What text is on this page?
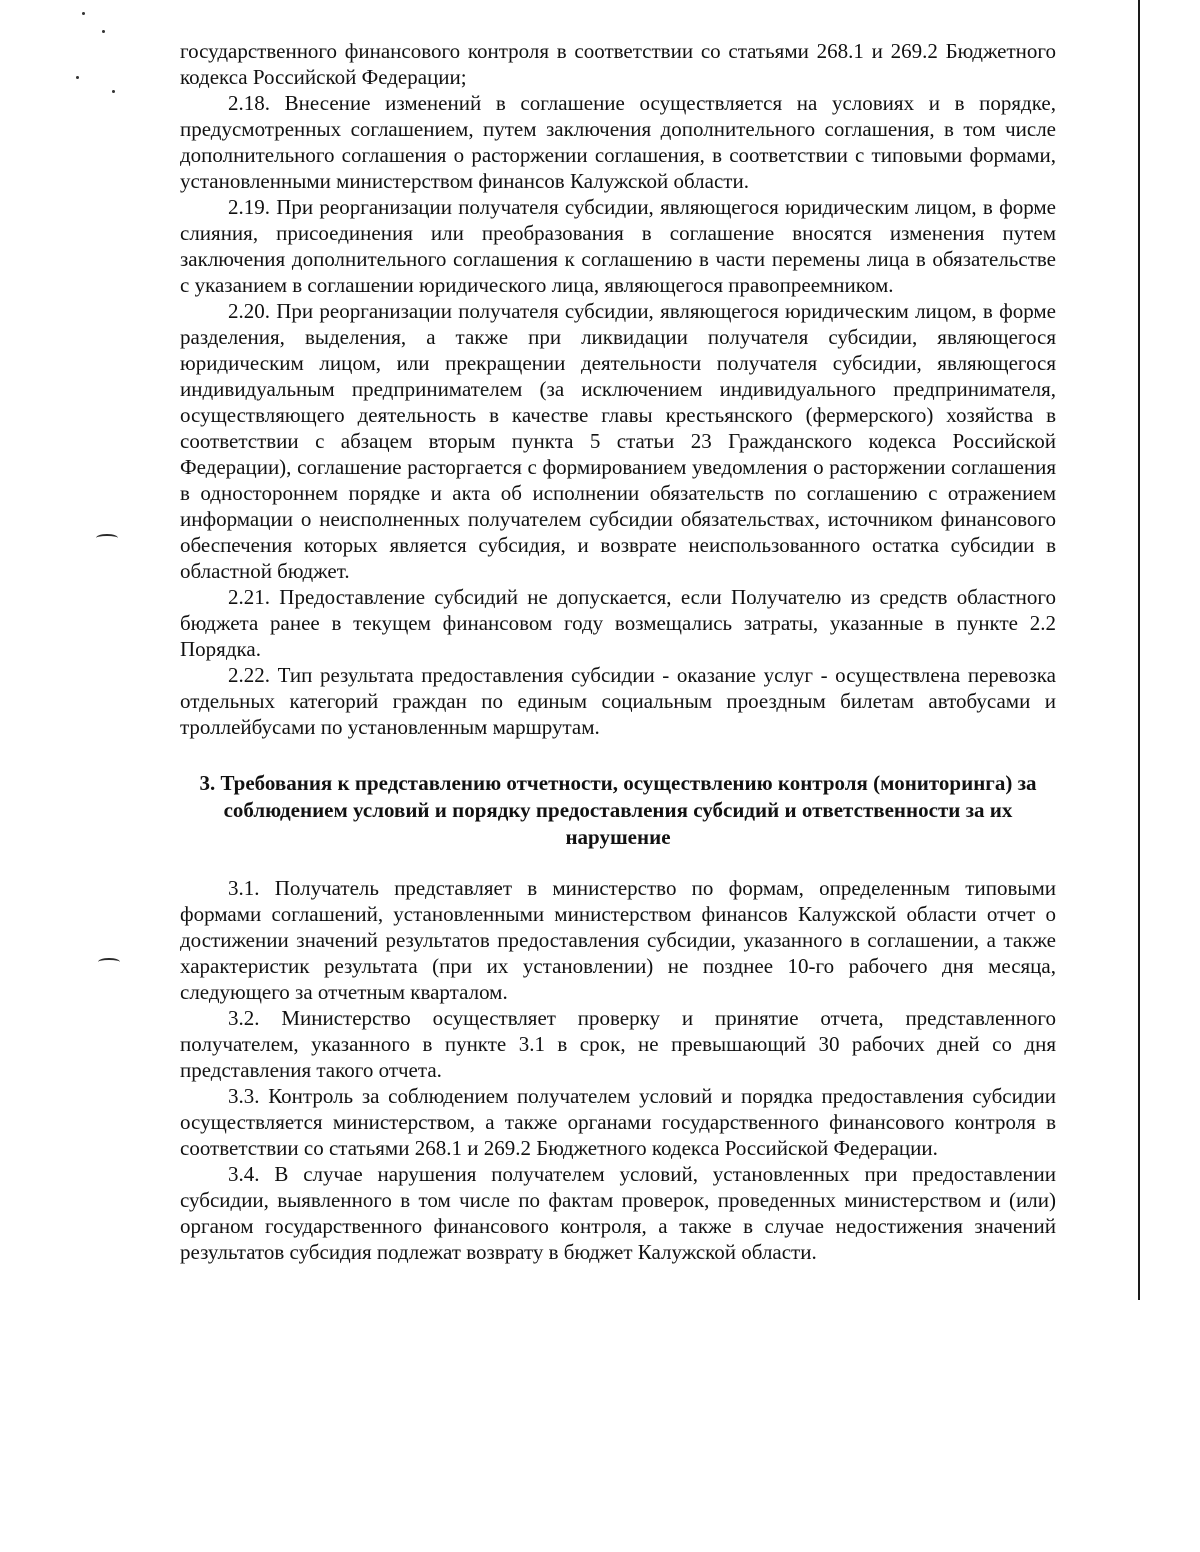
государственного финансового контроля в соответствии со статьями 268.1 и 269.2 Бюджетного кодекса Российской Федерации;

2.18. Внесение изменений в соглашение осуществляется на условиях и в порядке, предусмотренных соглашением, путем заключения дополнительного соглашения, в том числе дополнительного соглашения о расторжении соглашения, в соответствии с типовыми формами, установленными министерством финансов Калужской области.

2.19. При реорганизации получателя субсидии, являющегося юридическим лицом, в форме слияния, присоединения или преобразования в соглашение вносятся изменения путем заключения дополнительного соглашения к соглашению в части перемены лица в обязательстве с указанием в соглашении юридического лица, являющегося правопреемником.

2.20. При реорганизации получателя субсидии, являющегося юридическим лицом, в форме разделения, выделения, а также при ликвидации получателя субсидии, являющегося юридическим лицом, или прекращении деятельности получателя субсидии, являющегося индивидуальным предпринимателем (за исключением индивидуального предпринимателя, осуществляющего деятельность в качестве главы крестьянского (фермерского) хозяйства в соответствии с абзацем вторым пункта 5 статьи 23 Гражданского кодекса Российской Федерации), соглашение расторгается с формированием уведомления о расторжении соглашения в одностороннем порядке и акта об исполнении обязательств по соглашению с отражением информации о неисполненных получателем субсидии обязательствах, источником финансового обеспечения которых является субсидия, и возврате неиспользованного остатка субсидии в областной бюджет.

2.21. Предоставление субсидий не допускается, если Получателю из средств областного бюджета ранее в текущем финансовом году возмещались затраты, указанные в пункте 2.2 Порядка.

2.22. Тип результата предоставления субсидии - оказание услуг - осуществлена перевозка отдельных категорий граждан по единым социальным проездным билетам автобусами и троллейбусами по установленным маршрутам.

3. Требования к представлению отчетности, осуществлению контроля (мониторинга) за соблюдением условий и порядку предоставления субсидий и ответственности за их нарушение

3.1. Получатель представляет в министерство по формам, определенным типовыми формами соглашений, установленными министерством финансов Калужской области отчет о достижении значений результатов предоставления субсидии, указанного в соглашении, а также характеристик результата (при их установлении) не позднее 10-го рабочего дня месяца, следующего за отчетным кварталом.

3.2. Министерство осуществляет проверку и принятие отчета, представленного получателем, указанного в пункте 3.1 в срок, не превышающий 30 рабочих дней со дня представления такого отчета.

3.3. Контроль за соблюдением получателем условий и порядка предоставления субсидии осуществляется министерством, а также органами государственного финансового контроля в соответствии со статьями 268.1 и 269.2 Бюджетного кодекса Российской Федерации.

3.4. В случае нарушения получателем условий, установленных при предоставлении субсидии, выявленного в том числе по фактам проверок, проведенных министерством и (или) органом государственного финансового контроля, а также в случае недостижения значений результатов субсидия подлежат возврату в бюджет Калужской области.
